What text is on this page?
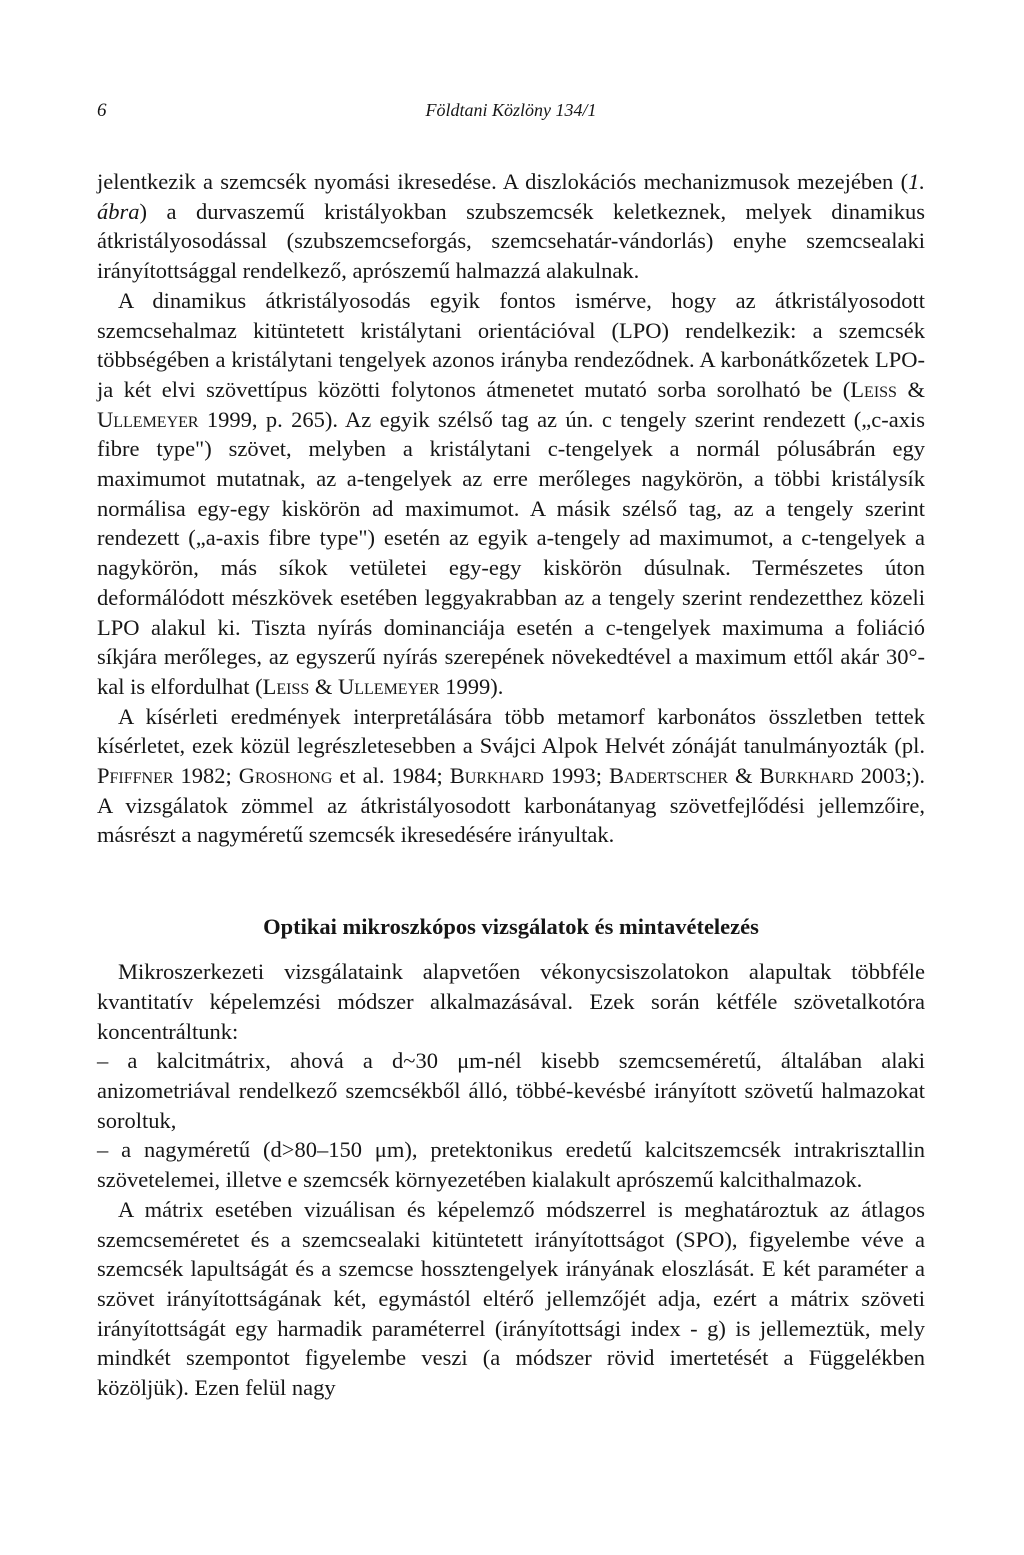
6	Földtani Közlöny 134/1

jelentkezik a szemcsék nyomási ikresedése. A diszlokációs mechanizmusok mezejében (1. ábra) a durvaszemű kristályokban szubszemcsék keletkeznek, melyek dinamikus átkristályosodással (szubszemcseforgás, szemcsehatár-vándorlás) enyhe szemcsealaki irányítottsággal rendelkező, aprószemű halmazzá alakulnak.

A dinamikus átkristályosodás egyik fontos ismérve, hogy az átkristályosodott szemcsehalmaz kitüntetett kristálytani orientációval (LPO) rendelkezik: a szemcsék többségében a kristálytani tengelyek azonos irányba rendeződnek. A karbonátkőzetek LPO-ja két elvi szövettípus közötti folytonos átmenetet mutató sorba sorolható be (Leiss & Ullemeyer 1999, p. 265). Az egyik szélső tag az ún. c tengely szerint rendezett („c-axis fibre type") szövet, melyben a kristálytani c-tengelyek a normál pólusábrán egy maximumot mutatnak, az a-tengelyek az erre merőleges nagykörön, a többi kristálysík normálisa egy-egy kiskörön ad maximumot. A másik szélső tag, az a tengely szerint rendezett („a-axis fibre type") esetén az egyik a-tengely ad maximumot, a c-tengelyek a nagykörön, más síkok vetületei egy-egy kiskörön dúsulnak. Természetes úton deformálódott mészkövek esetében leggyakrabban az a tengely szerint rendezetthez közeli LPO alakul ki. Tiszta nyírás dominanciája esetén a c-tengelyek maximuma a foliáció síkjára merőleges, az egyszerű nyírás szerepének növekedtével a maximum ettől akár 30°-kal is elfordulhat (Leiss & Ullemeyer 1999).

A kísérleti eredmények interpretálására több metamorf karbonátos összletben tettek kísérletet, ezek közül legrészletesebben a Svájci Alpok Helvét zónáját tanulmányozták (pl. Pfiffner 1982; Groshong et al. 1984; Burkhard 1993; Badertscher & Burkhard 2003;). A vizsgálatok zömmel az átkristályosodott karbonátanyag szövetfejlődési jellemzőire, másrészt a nagyméretű szemcsék ikresedésére irányultak.

Optikai mikroszkópos vizsgálatok és mintavételezés

Mikroszerkezeti vizsgálataink alapvetően vékonycsiszolatokon alapultak többféle kvantitatív képelemzési módszer alkalmazásával. Ezek során kétféle szövetalkotóra koncentráltunk:

– a kalcitmátrix, ahová a d~30 μm-nél kisebb szemcseméretű, általában alaki anizometriával rendelkező szemcsékből álló, többé-kevésbé irányított szövetű halmazokat soroltuk,

– a nagyméretű (d>80–150 μm), pretektonikus eredetű kalcitszemcsék intrakrisztallin szövetelemei, illetve e szemcsék környezetében kialakult aprószemű kalcithalmazok.

A mátrix esetében vizuálisan és képelemző módszerrel is meghatároztuk az átlagos szemcseméretet és a szemcsealaki kitüntetett irányítottságot (SPO), figyelembe véve a szemcsék lapultságát és a szemcse hossztengelyek irányának eloszlását. E két paraméter a szövet irányítottságának két, egymástól eltérő jellemzőjét adja, ezért a mátrix szöveti irányítottságát egy harmadik paraméterrel (irányítottsági index - g) is jellemeztük, mely mindkét szempontot figyelembe veszi (a módszer rövid imertetését a Függelékben közöljük). Ezen felül nagy
